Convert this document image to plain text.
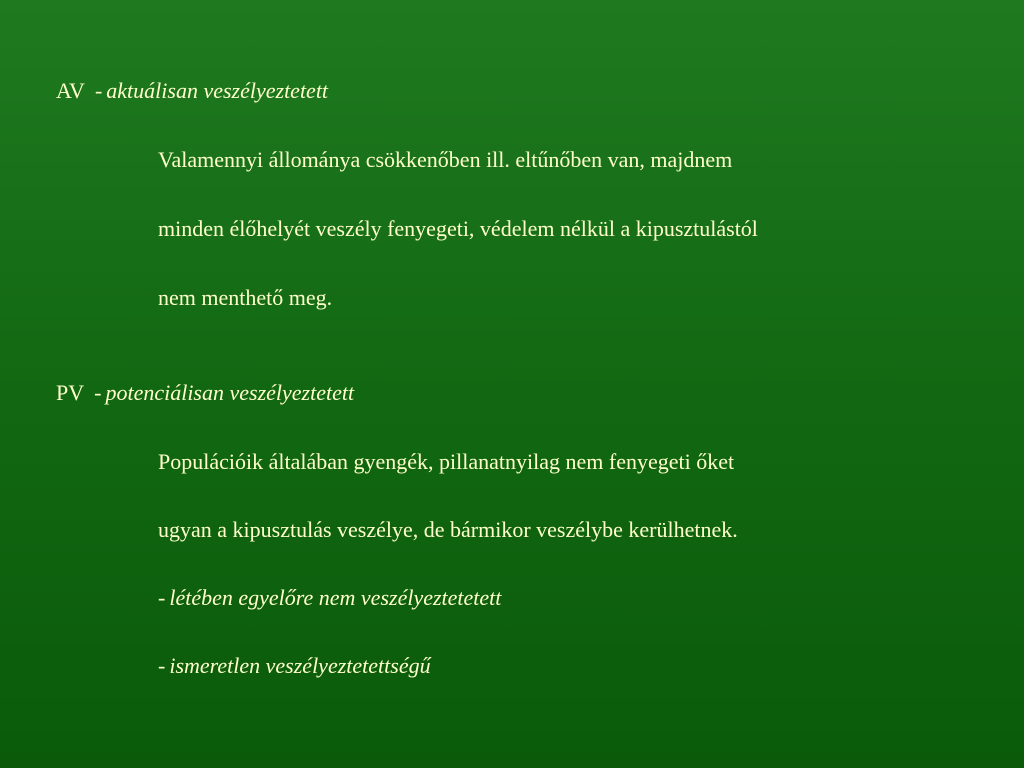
AV - aktuálisan veszélyeztetett
Valamennyi állománya csökkenőben ill. eltűnőben van, majdnem
minden élőhelyét veszély fenyegeti, védelem nélkül a kipusztulástól
nem menthető meg.
PV - potenciálisan veszélyeztetett
Populációik általában gyengék, pillanatnyilag nem fenyegeti őket
ugyan a kipusztulás veszélye, de bármikor veszélybe kerülhetnek.
- létében egyelőre nem veszélyeztetetett
- ismeretlen veszélyeztetettségű
